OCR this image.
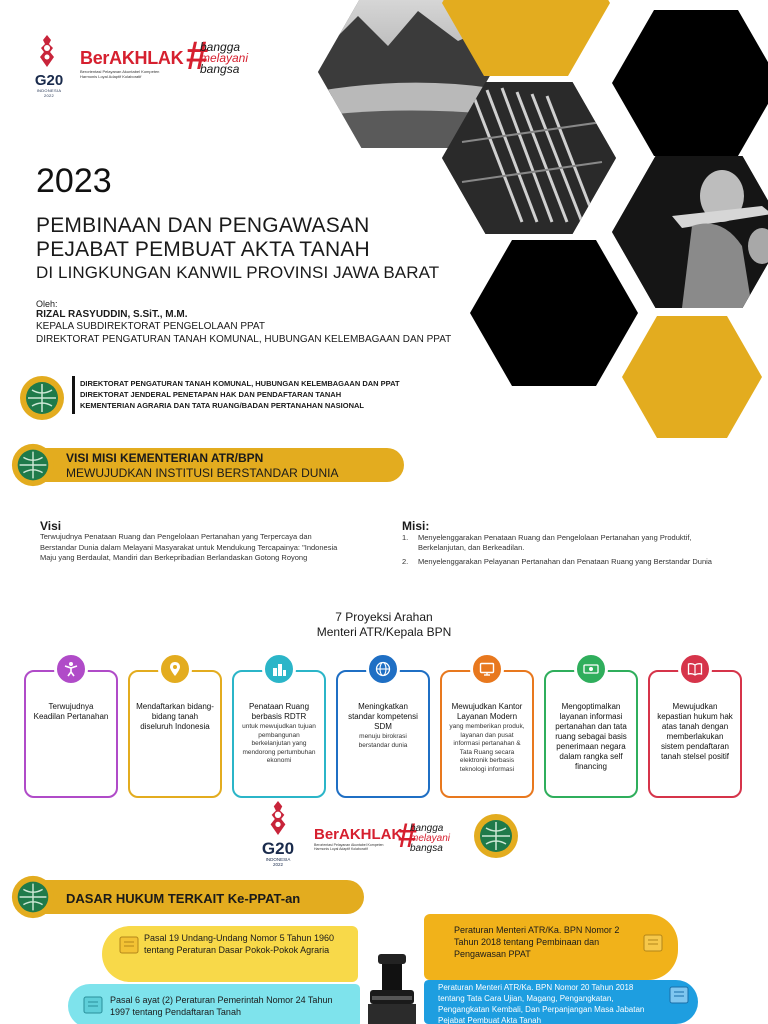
G20
INDONESIA
2022
BerAKHLAK
Berorientasi Pelayanan Akuntabel Kompeten
Harmonis Loyal Adaptif Kolaboratif	#
bangga
melayani
bangsa
2023
PEMBINAAN DAN PENGAWASAN
PEJABAT PEMBUAT AKTA TANAH
DI LINGKUNGAN KANWIL PROVINSI JAWA BARAT
Oleh:
RIZAL RASYUDDIN, S.SiT., M.M.
KEPALA SUBDIREKTORAT PENGELOLAAN PPAT
DIREKTORAT PENGATURAN TANAH KOMUNAL, HUBUNGAN KELEMBAGAAN DAN PPAT
DIREKTORAT PENGATURAN TANAH KOMUNAL, HUBUNGAN KELEMBAGAAN DAN PPAT
DIREKTORAT JENDERAL PENETAPAN HAK DAN PENDAFTARAN TANAH
KEMENTERIAN AGRARIA DAN TATA RUANG/BADAN PERTANAHAN NASIONAL
VISI MISI KEMENTERIAN ATR/BPN
MEWUJUDKAN INSTITUSI BERSTANDAR DUNIA
Visi
Terwujudnya Penataan Ruang dan Pengelolaan Pertanahan yang Terpercaya dan Berstandar Dunia dalam Melayani Masyarakat untuk Mendukung Tercapainya: "Indonesia Maju yang Berdaulat, Mandiri dan Berkepribadian Berlandaskan Gotong Royong
Misi:
1.	Menyelenggarakan Penataan Ruang dan Pengelolaan Pertanahan yang Produktif, Berkelanjutan, dan Berkeadilan.
2.	Menyelenggarakan Pelayanan Pertanahan dan Penataan Ruang yang Berstandar Dunia
7 Proyeksi Arahan
Menteri ATR/Kepala BPN
Terwujudnya Keadilan Pertanahan
Mendaftarkan bidang-bidang tanah diseluruh Indonesia
Penataan Ruang berbasis RDTR
untuk mewujudkan tujuan pembangunan berkelanjutan yang mendorong pertumbuhan ekonomi
Meningkatkan standar kompetensi SDM
menuju birokrasi berstandar dunia
Mewujudkan Kantor Layanan Modern
yang memberikan produk, layanan dan pusat informasi pertanahan & Tata Ruang secara elektronik berbasis teknologi informasi
Mengoptimalkan layanan informasi pertanahan dan tata ruang sebagai basis penerimaan negara dalam rangka self financing
Mewujudkan kepastian hukum hak atas tanah dengan memberlakukan sistem pendaftaran tanah stelsel positif
G20
INDONESIA
2022
BerAKHLAK
Berorientasi Pelayanan Akuntabel Kompeten
Harmonis Loyal Adaptif Kolaboratif #
bangga
melayani
bangsa
DASAR HUKUM TERKAIT Ke-PPAT-an
Pasal 19 Undang-Undang Nomor 5 Tahun 1960 tentang Peraturan Dasar Pokok-Pokok Agraria
Pasal 6 ayat (2) Peraturan Pemerintah Nomor 24 Tahun 1997 tentang Pendaftaran Tanah
Peraturan Menteri ATR/Ka. BPN Nomor 2 Tahun 2018 tentang Pembinaan dan Pengawasan PPAT
Peraturan Menteri ATR/Ka. BPN Nomor 20 Tahun 2018 tentang Tata Cara Ujian, Magang, Pengangkatan, Pengangkatan Kembali, Dan Perpanjangan Masa Jabatan Pejabat Pembuat Akta Tanah
